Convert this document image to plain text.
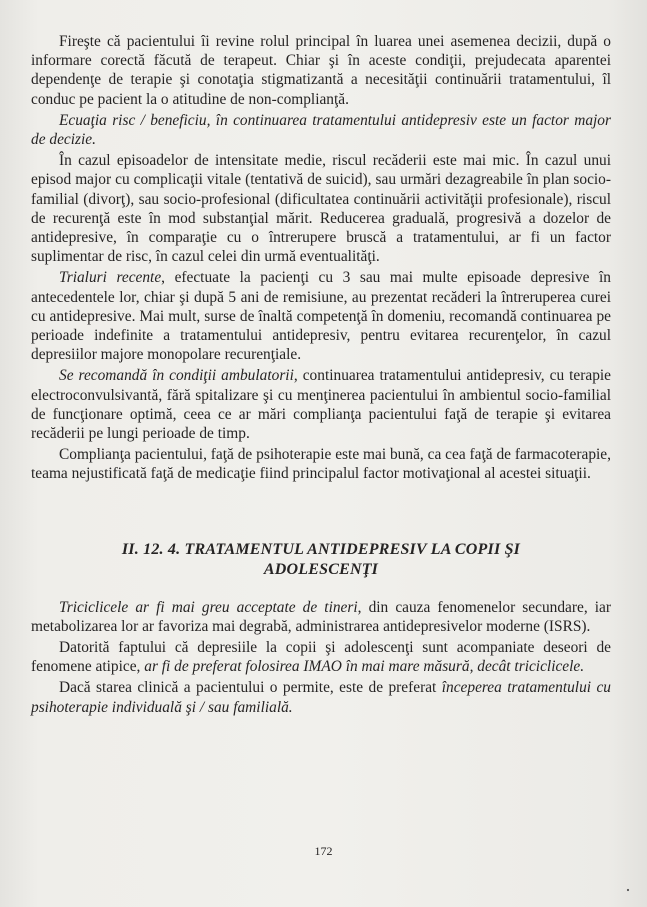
Fireşte că pacientului îi revine rolul principal în luarea unei asemenea decizii, după o informare corectă făcută de terapeut. Chiar şi în aceste condiţii, prejudecata aparentei dependenţe de terapie şi conotaţia stigmatizantă a necesităţii continuării tratamentului, îl conduc pe pacient la o atitudine de non-complianţă.

Ecuaţia risc / beneficiu, în continuarea tratamentului antidepresiv este un factor major de decizie.

În cazul episoadelor de intensitate medie, riscul recăderii este mai mic. În cazul unui episod major cu complicaţii vitale (tentativă de suicid), sau urmări dezagreabile în plan socio-familial (divorţ), sau socio-profesional (dificultatea continuării activităţii profesionale), riscul de recurenţă este în mod substanţial mărit. Reducerea graduală, progresivă a dozelor de antidepresive, în comparaţie cu o întrerupere bruscă a tratamentului, ar fi un factor suplimentar de risc, în cazul celei din urmă eventualităţi.

Trialuri recente, efectuate la pacienţi cu 3 sau mai multe episoade depresive în antecedentele lor, chiar şi după 5 ani de remisiune, au prezentat recăderi la întreruperea curei cu antidepresive. Mai mult, surse de înaltă competenţă în domeniu, recomandă continuarea pe perioade indefinite a tratamentului antidepresiv, pentru evitarea recurenţelor, în cazul depresiilor majore monopolare recurenţiale.

Se recomandă în condiţii ambulatorii, continuarea tratamentului antidepresiv, cu terapie electroconvulsivantă, fără spitalizare şi cu menţinerea pacientului în ambientul socio-familial de funcţionare optimă, ceea ce ar mări complianţa pacientului faţă de terapie şi evitarea recăderii pe lungi perioade de timp.

Complianţa pacientului, faţă de psihoterapie este mai bună, ca cea faţă de farmacoterapie, teama nejustificată faţă de medicaţie fiind principalul factor motivaţional al acestei situaţii.

II. 12. 4. TRATAMENTUL ANTIDEPRESIV LA COPII ŞI
ADOLESCENŢI

Triciclicele ar fi mai greu acceptate de tineri, din cauza fenomenelor secundare, iar metabolizarea lor ar favoriza mai degrabă, administrarea antidepresivelor moderne (ISRS).

Datorită faptului că depresiile la copii şi adolescenţi sunt acompaniate deseori de fenomene atipice, ar fi de preferat folosirea IMAO în mai mare măsură, decât triciclicele.

Dacă starea clinică a pacientului o permite, este de preferat începerea tratamentului cu psihoterapie individuală şi / sau familială.

172
